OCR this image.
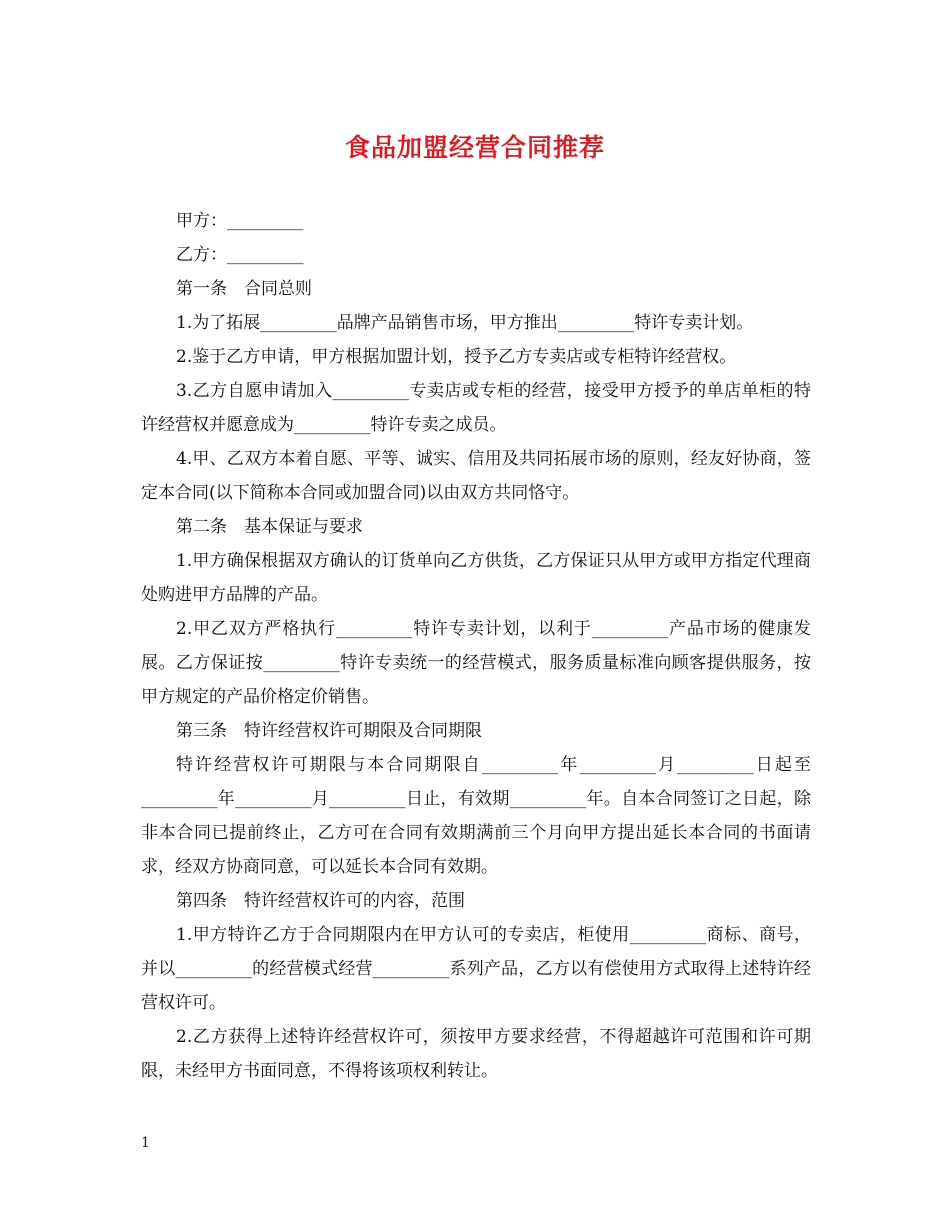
食品加盟经营合同推荐

甲方：_________

乙方：_________

第一条　合同总则

1.为了拓展_________品牌产品销售市场，甲方推出_________特许专卖计划。

2.鉴于乙方申请，甲方根据加盟计划，授予乙方专卖店或专柜特许经营权。

3.乙方自愿申请加入_________专卖店或专柜的经营，接受甲方授予的单店单柜的特许经营权并愿意成为_________特许专卖之成员。

4.甲、乙双方本着自愿、平等、诚实、信用及共同拓展市场的原则，经友好协商，签定本合同(以下简称本合同或加盟合同)以由双方共同恪守。

第二条　基本保证与要求

1.甲方确保根据双方确认的订货单向乙方供货，乙方保证只从甲方或甲方指定代理商处购进甲方品牌的产品。

2.甲乙双方严格执行_________特许专卖计划，以利于_________产品市场的健康发展。乙方保证按_________特许专卖统一的经营模式，服务质量标准向顾客提供服务，按甲方规定的产品价格定价销售。

第三条　特许经营权许可期限及合同期限

特许经营权许可期限与本合同期限自_________年_________月_________日起至_________年_________月_________日止，有效期_________年。自本合同签订之日起，除非本合同已提前终止，乙方可在合同有效期满前三个月向甲方提出延长本合同的书面请求，经双方协商同意，可以延长本合同有效期。

第四条　特许经营权许可的内容，范围

1.甲方特许乙方于合同期限内在甲方认可的专卖店，柜使用_________商标、商号，并以_________的经营模式经营_________系列产品，乙方以有偿使用方式取得上述特许经营权许可。

2.乙方获得上述特许经营权许可，须按甲方要求经营，不得超越许可范围和许可期限，未经甲方书面同意，不得将该项权利转让。

1
